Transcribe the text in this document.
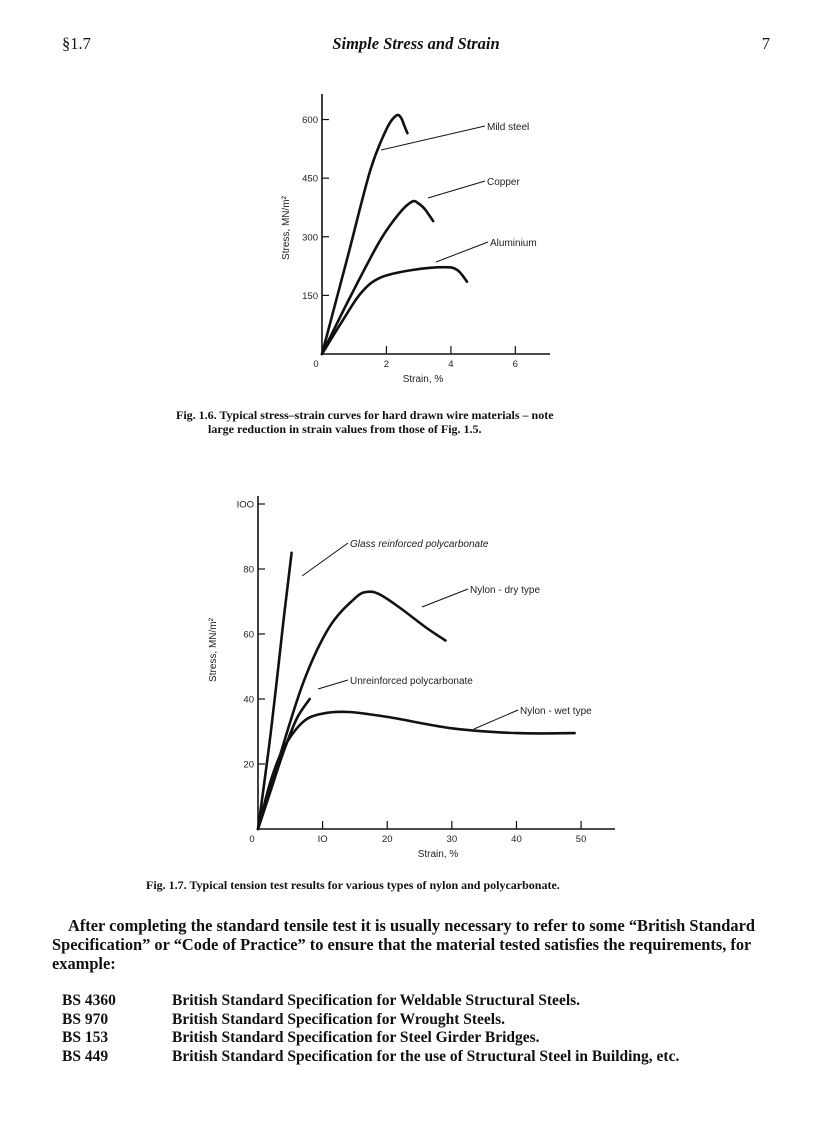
§1.7	Simple Stress and Strain	7
150
300
450
600
2	4	6
0
Strain, %
Stress, MN/m²
Mild steel
Copper
Aluminium
Fig. 1.6. Typical stress–strain curves for hard drawn wire materials – note
large reduction in strain values from those of Fig. 1.5.
20
40
60
80
IOO
IO	20	30	40	50
0
Strain, %
Stress, MN/m²
Glass reinforced polycarbonate
Nylon - dry type
Unreinforced polycarbonate
Nylon - wet type
Fig. 1.7. Typical tension test results for various types of nylon and polycarbonate.
After completing the standard tensile test it is usually necessary to refer to some “British Standard Specification” or “Code of Practice” to ensure that the material tested satisfies the requirements, for example:
BS 4360	British Standard Specification for Weldable Structural Steels.
BS 970	British Standard Specification for Wrought Steels.
BS 153	British Standard Specification for Steel Girder Bridges.
BS 449	British Standard Specification for the use of Structural Steel in Building, etc.
